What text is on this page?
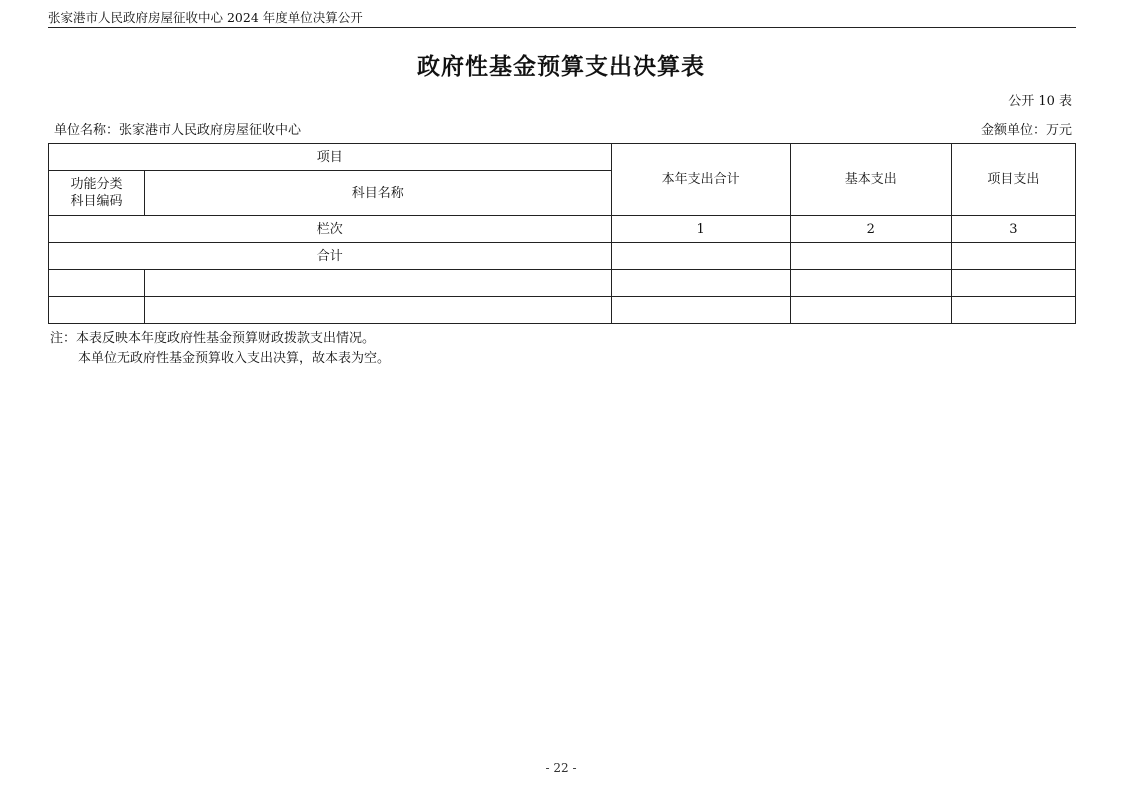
张家港市人民政府房屋征收中心 2024 年度单位决算公开
政府性基金预算支出决算表
公开 10 表
单位名称：张家港市人民政府房屋征收中心	金额单位：万元
项目		本年支出合计	基本支出	项目支出

功能分类
科目编码	科目名称			
栏次		1	2	3
合计				

注：本表反映本年度政府性基金预算财政拨款支出情况。
本单位无政府性基金预算收入支出决算，故本表为空。
- 22 -
